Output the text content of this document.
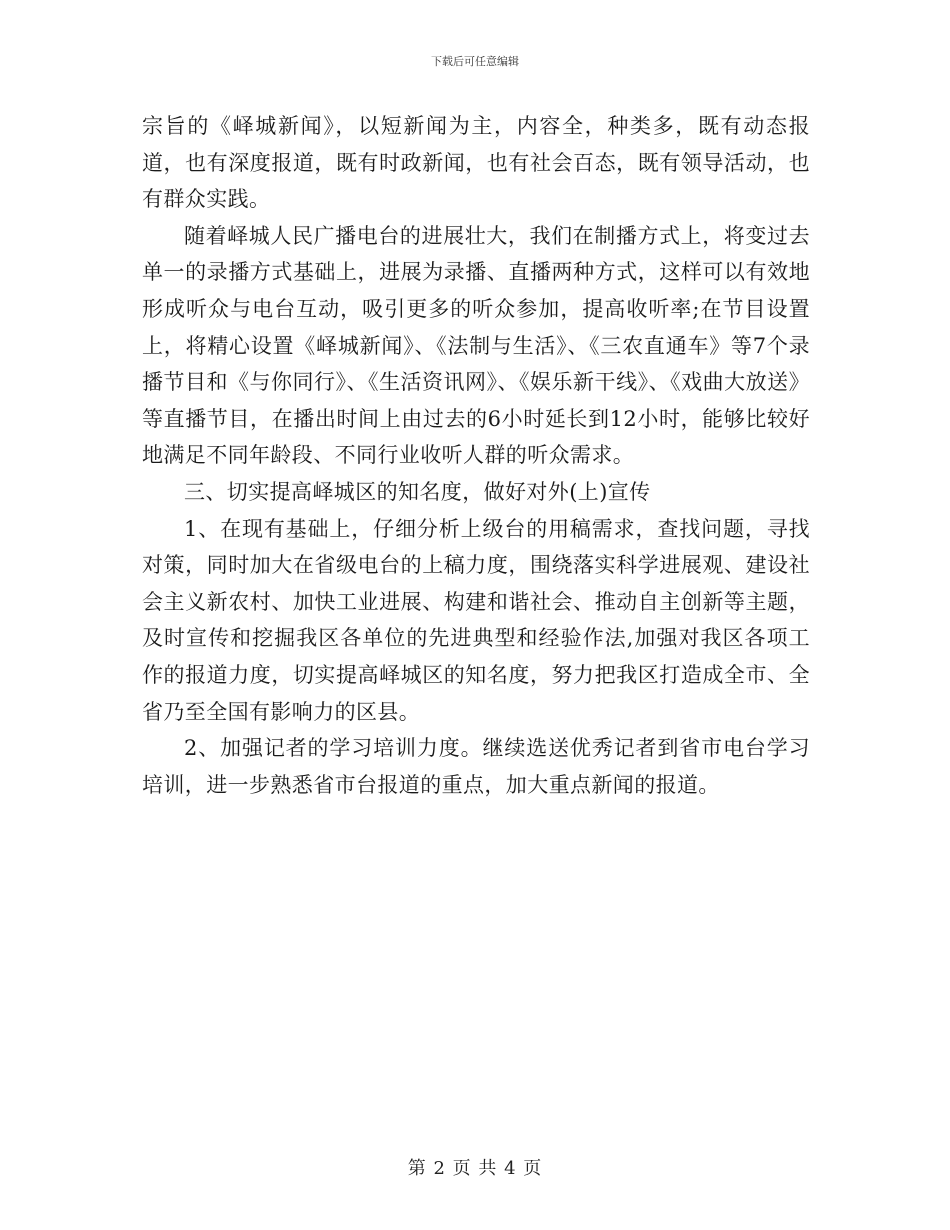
下载后可任意编辑

宗旨的《峄城新闻》，以短新闻为主，内容全，种类多，既有动态报道，也有深度报道，既有时政新闻，也有社会百态，既有领导活动，也有群众实践。

随着峄城人民广播电台的进展壮大，我们在制播方式上，将变过去单一的录播方式基础上，进展为录播、直播两种方式，这样可以有效地形成听众与电台互动，吸引更多的听众参加，提高收听率;在节目设置上，将精心设置《峄城新闻》、《法制与生活》、《三农直通车》等7个录播节目和《与你同行》、《生活资讯网》、《娱乐新干线》、《戏曲大放送》等直播节目，在播出时间上由过去的6小时延长到12小时，能够比较好地满足不同年龄段、不同行业收听人群的听众需求。

三、切实提高峄城区的知名度，做好对外(上)宣传

1、在现有基础上，仔细分析上级台的用稿需求，查找问题，寻找对策，同时加大在省级电台的上稿力度，围绕落实科学进展观、建设社会主义新农村、加快工业进展、构建和谐社会、推动自主创新等主题，及时宣传和挖掘我区各单位的先进典型和经验作法,加强对我区各项工作的报道力度，切实提高峄城区的知名度，努力把我区打造成全市、全省乃至全国有影响力的区县。

2、加强记者的学习培训力度。继续选送优秀记者到省市电台学习培训，进一步熟悉省市台报道的重点，加大重点新闻的报道。

第 2 页 共 4 页
